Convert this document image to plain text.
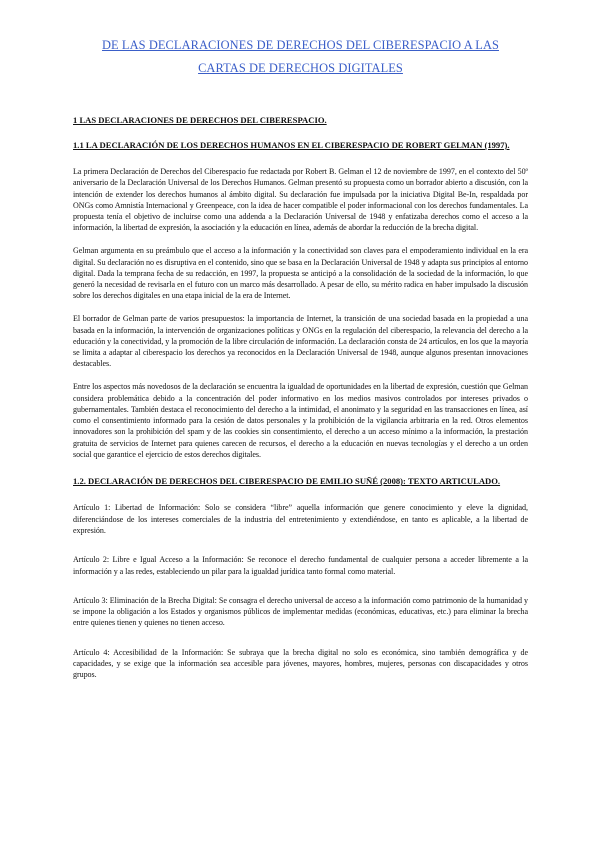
DE LAS DECLARACIONES DE DERECHOS DEL CIBERESPACIO A LAS CARTAS DE DERECHOS DIGITALES
1 LAS DECLARACIONES DE DERECHOS DEL CIBERESPACIO.
1.1 LA DECLARACIÓN DE LOS DERECHOS HUMANOS EN EL CIBERESPACIO DE ROBERT GELMAN (1997).

La primera Declaración de Derechos del Ciberespacio fue redactada por Robert B. Gelman el 12 de noviembre de 1997, en el contexto del 50º aniversario de la Declaración Universal de los Derechos Humanos. Gelman presentó su propuesta como un borrador abierto a discusión, con la intención de extender los derechos humanos al ámbito digital. Su declaración fue impulsada por la iniciativa Digital Be-In, respaldada por ONGs como Amnistía Internacional y Greenpeace, con la idea de hacer compatible el poder informacional con los derechos fundamentales. La propuesta tenía el objetivo de incluirse como una addenda a la Declaración Universal de 1948 y enfatizaba derechos como el acceso a la información, la libertad de expresión, la asociación y la educación en línea, además de abordar la reducción de la brecha digital.

Gelman argumenta en su preámbulo que el acceso a la información y la conectividad son claves para el empoderamiento individual en la era digital. Su declaración no es disruptiva en el contenido, sino que se basa en la Declaración Universal de 1948 y adapta sus principios al entorno digital. Dada la temprana fecha de su redacción, en 1997, la propuesta se anticipó a la consolidación de la sociedad de la información, lo que generó la necesidad de revisarla en el futuro con un marco más desarrollado. A pesar de ello, su mérito radica en haber impulsado la discusión sobre los derechos digitales en una etapa inicial de la era de Internet.

El borrador de Gelman parte de varios presupuestos: la importancia de Internet, la transición de una sociedad basada en la propiedad a una basada en la información, la intervención de organizaciones políticas y ONGs en la regulación del ciberespacio, la relevancia del derecho a la educación y la conectividad, y la promoción de la libre circulación de información. La declaración consta de 24 artículos, en los que la mayoría se limita a adaptar al ciberespacio los derechos ya reconocidos en la Declaración Universal de 1948, aunque algunos presentan innovaciones destacables.

Entre los aspectos más novedosos de la declaración se encuentra la igualdad de oportunidades en la libertad de expresión, cuestión que Gelman considera problemática debido a la concentración del poder informativo en los medios masivos controlados por intereses privados o gubernamentales. También destaca el reconocimiento del derecho a la intimidad, el anonimato y la seguridad en las transacciones en línea, así como el consentimiento informado para la cesión de datos personales y la prohibición de la vigilancia arbitraria en la red. Otros elementos innovadores son la prohibición del spam y de las cookies sin consentimiento, el derecho a un acceso mínimo a la información, la prestación gratuita de servicios de Internet para quienes carecen de recursos, el derecho a la educación en nuevas tecnologías y el derecho a un orden social que garantice el ejercicio de estos derechos digitales.

1.2. DECLARACIÓN DE DERECHOS DEL CIBERESPACIO DE EMILIO SUÑÉ (2008): TEXTO ARTICULADO.

Artículo 1: Libertad de Información: Solo se considera “libre” aquella información que genere conocimiento y eleve la dignidad, diferenciándose de los intereses comerciales de la industria del entretenimiento y extendiéndose, en tanto es aplicable, a la libertad de expresión.

Artículo 2: Libre e Igual Acceso a la Información: Se reconoce el derecho fundamental de cualquier persona a acceder libremente a la información y a las redes, estableciendo un pilar para la igualdad jurídica tanto formal como material.

Artículo 3: Eliminación de la Brecha Digital: Se consagra el derecho universal de acceso a la información como patrimonio de la humanidad y se impone la obligación a los Estados y organismos públicos de implementar medidas (económicas, educativas, etc.) para eliminar la brecha entre quienes tienen y quienes no tienen acceso.

Artículo 4: Accesibilidad de la Información: Se subraya que la brecha digital no solo es económica, sino también demográfica y de capacidades, y se exige que la información sea accesible para jóvenes, mayores, hombres, mujeres, personas con discapacidades y otros grupos.
